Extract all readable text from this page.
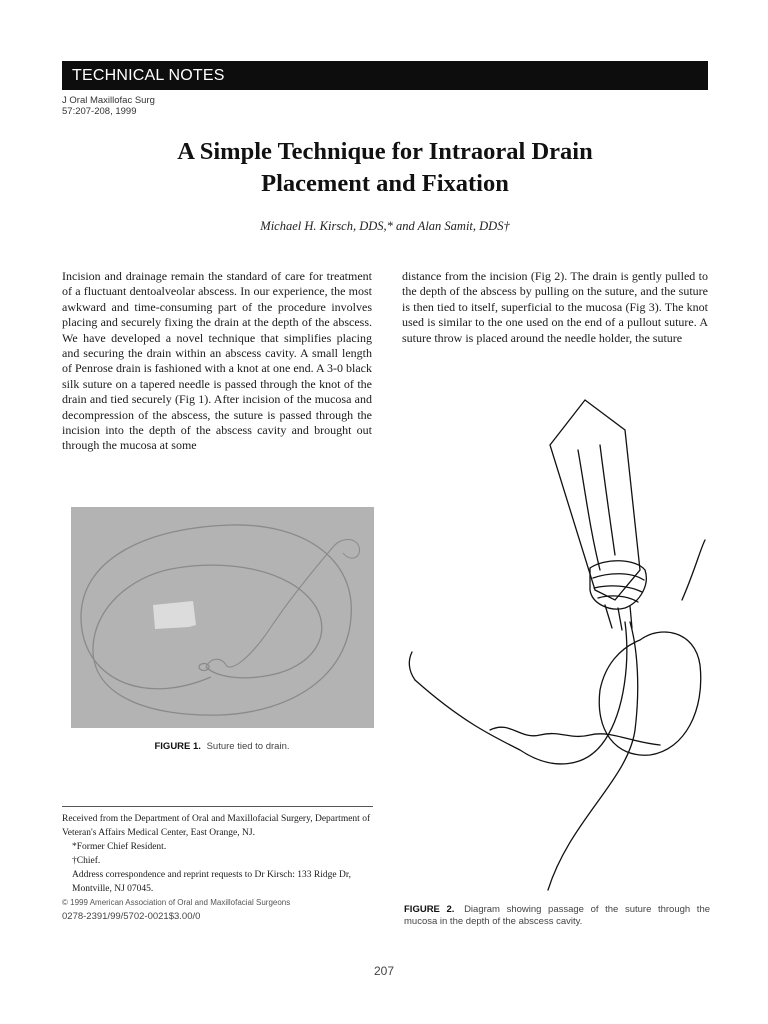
TECHNICAL NOTES
J Oral Maxillofac Surg
57:207-208, 1999
A Simple Technique for Intraoral Drain
Placement and Fixation
Michael H. Kirsch, DDS,* and Alan Samit, DDS†
Incision and drainage remain the standard of care for treatment of a fluctuant dentoalveolar abscess. In our experience, the most awkward and time-consuming part of the procedure involves placing and securely fixing the drain at the depth of the abscess. We have developed a novel technique that simplifies placing and securing the drain within an abscess cavity. A small length of Penrose drain is fashioned with a knot at one end. A 3-0 black silk suture on a tapered needle is passed through the knot of the drain and tied securely (Fig 1). After incision of the mucosa and decompression of the abscess, the suture is passed through the incision into the depth of the abscess cavity and brought out through the mucosa at some
distance from the incision (Fig 2). The drain is gently pulled to the depth of the abscess by pulling on the suture, and the suture is then tied to itself, superficial to the mucosa (Fig 3). The knot used is similar to the one used on the end of a pullout suture. A suture throw is placed around the needle holder, the suture
FIGURE 1. Suture tied to drain.
Received from the Department of Oral and Maxillofacial Surgery, Department of Veteran's Affairs Medical Center, East Orange, NJ.
*Former Chief Resident.
†Chief.
Address correspondence and reprint requests to Dr Kirsch: 133 Ridge Dr, Montville, NJ 07045.
© 1999 American Association of Oral and Maxillofacial Surgeons
0278-2391/99/5702-0021$3.00/0
FIGURE 2. Diagram showing passage of the suture through the mucosa in the depth of the abscess cavity.
207
